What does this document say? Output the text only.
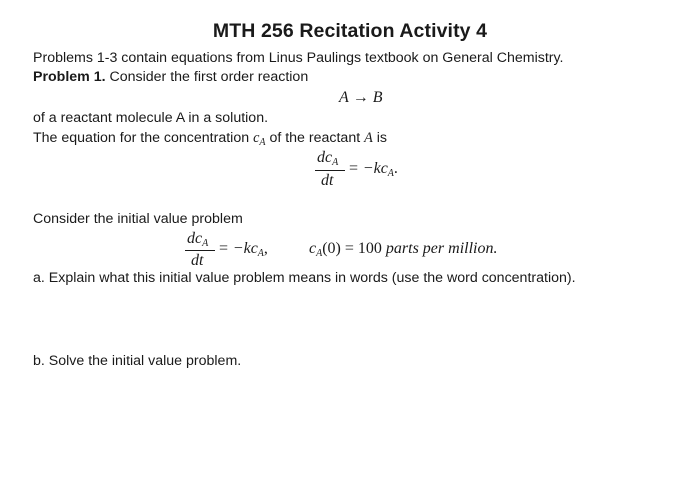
MTH 256 Recitation Activity 4
Problems 1-3 contain equations from Linus Paulings textbook on General Chemistry.
Problem 1. Consider the first order reaction
A → B
of a reactant molecule A in a solution.
The equation for the concentration $c_A$ of the reactant A is
$dc_A$
dt
= $-kc_A$.
Consider the initial value problem
$dc_A$
dt
= $-kc_A$,	$c_A(0) = 100$ parts per million.
a. Explain what this initial value problem means in words (use the word concentration).
b. Solve the initial value problem.
